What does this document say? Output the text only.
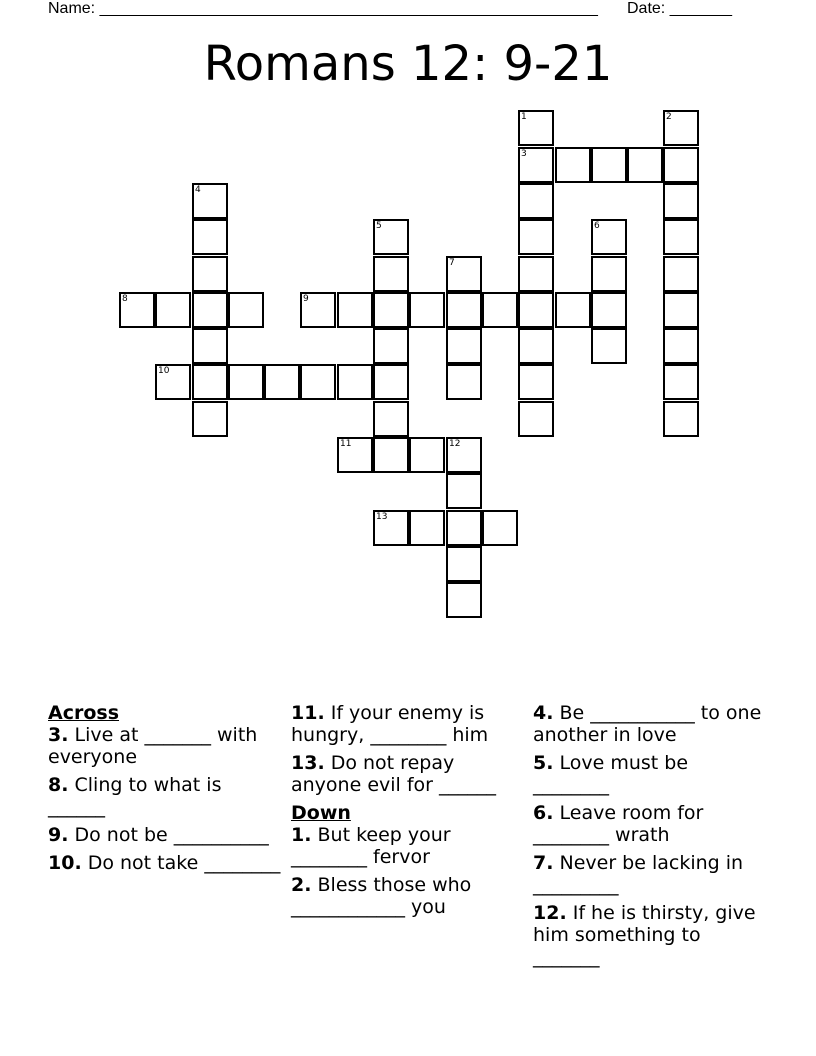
Name: ________________________________________________________ Date: _______
Romans 12: 9-21
1	2
3
4
5	6
7
8	9
10
11	12
13
Across
3. Live at _______ with everyone
8. Cling to what is ______
9. Do not be __________
10. Do not take ________
11. If your enemy is hungry, ________ him
13. Do not repay anyone evil for ______
Down
1. But keep your ________ fervor
2. Bless those who ____________ you
4. Be ___________ to one another in love
5. Love must be ________
6. Leave room for ________ wrath
7. Never be lacking in _________
12. If he is thirsty, give him something to _______
